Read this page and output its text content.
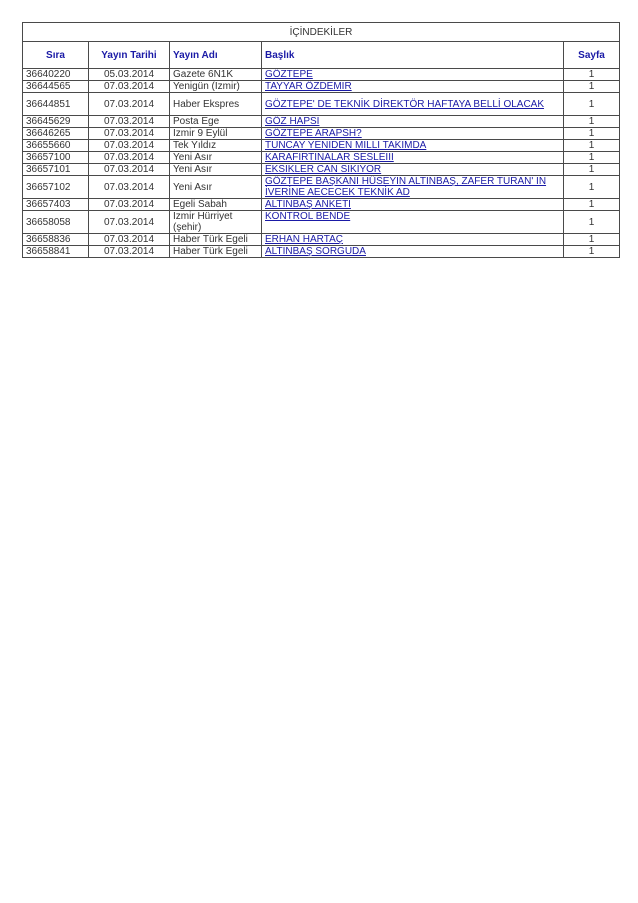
İÇİNDEKİLER				
Sıra	Yayın Tarihi	Yayın Adı	Başlık	Sayfa
36640220	05.03.2014	Gazete 6N1K	GÖZTEPE	1
36644565	07.03.2014	Yenigün (İzmir)	TAYYAR ÖZDEMİR	1
36644851	07.03.2014	Haber Ekspres	GÖZTEPE' DE TEKNİK DİREKTÖR HAFTAYA BELLİ OLACAK	1
36645629	07.03.2014	Posta Ege	GÖZ HAPSİ	1
36646265	07.03.2014	İzmir 9 Eylül	GÖZTEPE ARAPSH?	1
36655660	07.03.2014	Tek Yıldız	TUNCAY YENİDEN MİLLİ TAKIMDA	1
36657100	07.03.2014	Yeni Asır	KARAFIRTINALAR SESLEİİİ	1
36657101	07.03.2014	Yeni Asır	EKSİKLER CAN SIKIYOR	1
36657102	07.03.2014	Yeni Asır	GÖZTEPE BAŞKANI HÜSEYİN ALTINBAŞ, ZAFER TURAN' IN İVERİNE AECECEK TEKNİK AD	1
36657403	07.03.2014	Egeli Sabah	ALTINBAŞ ANKETİ	1
36658058	07.03.2014	İzmir Hürriyet (şehir)	KONTROL BENDE	1
36658836	07.03.2014	Haber Türk Egeli	ERHAN HARTAÇ	1
36658841	07.03.2014	Haber Türk Egeli	ALTINBAŞ SORGUDA	1
